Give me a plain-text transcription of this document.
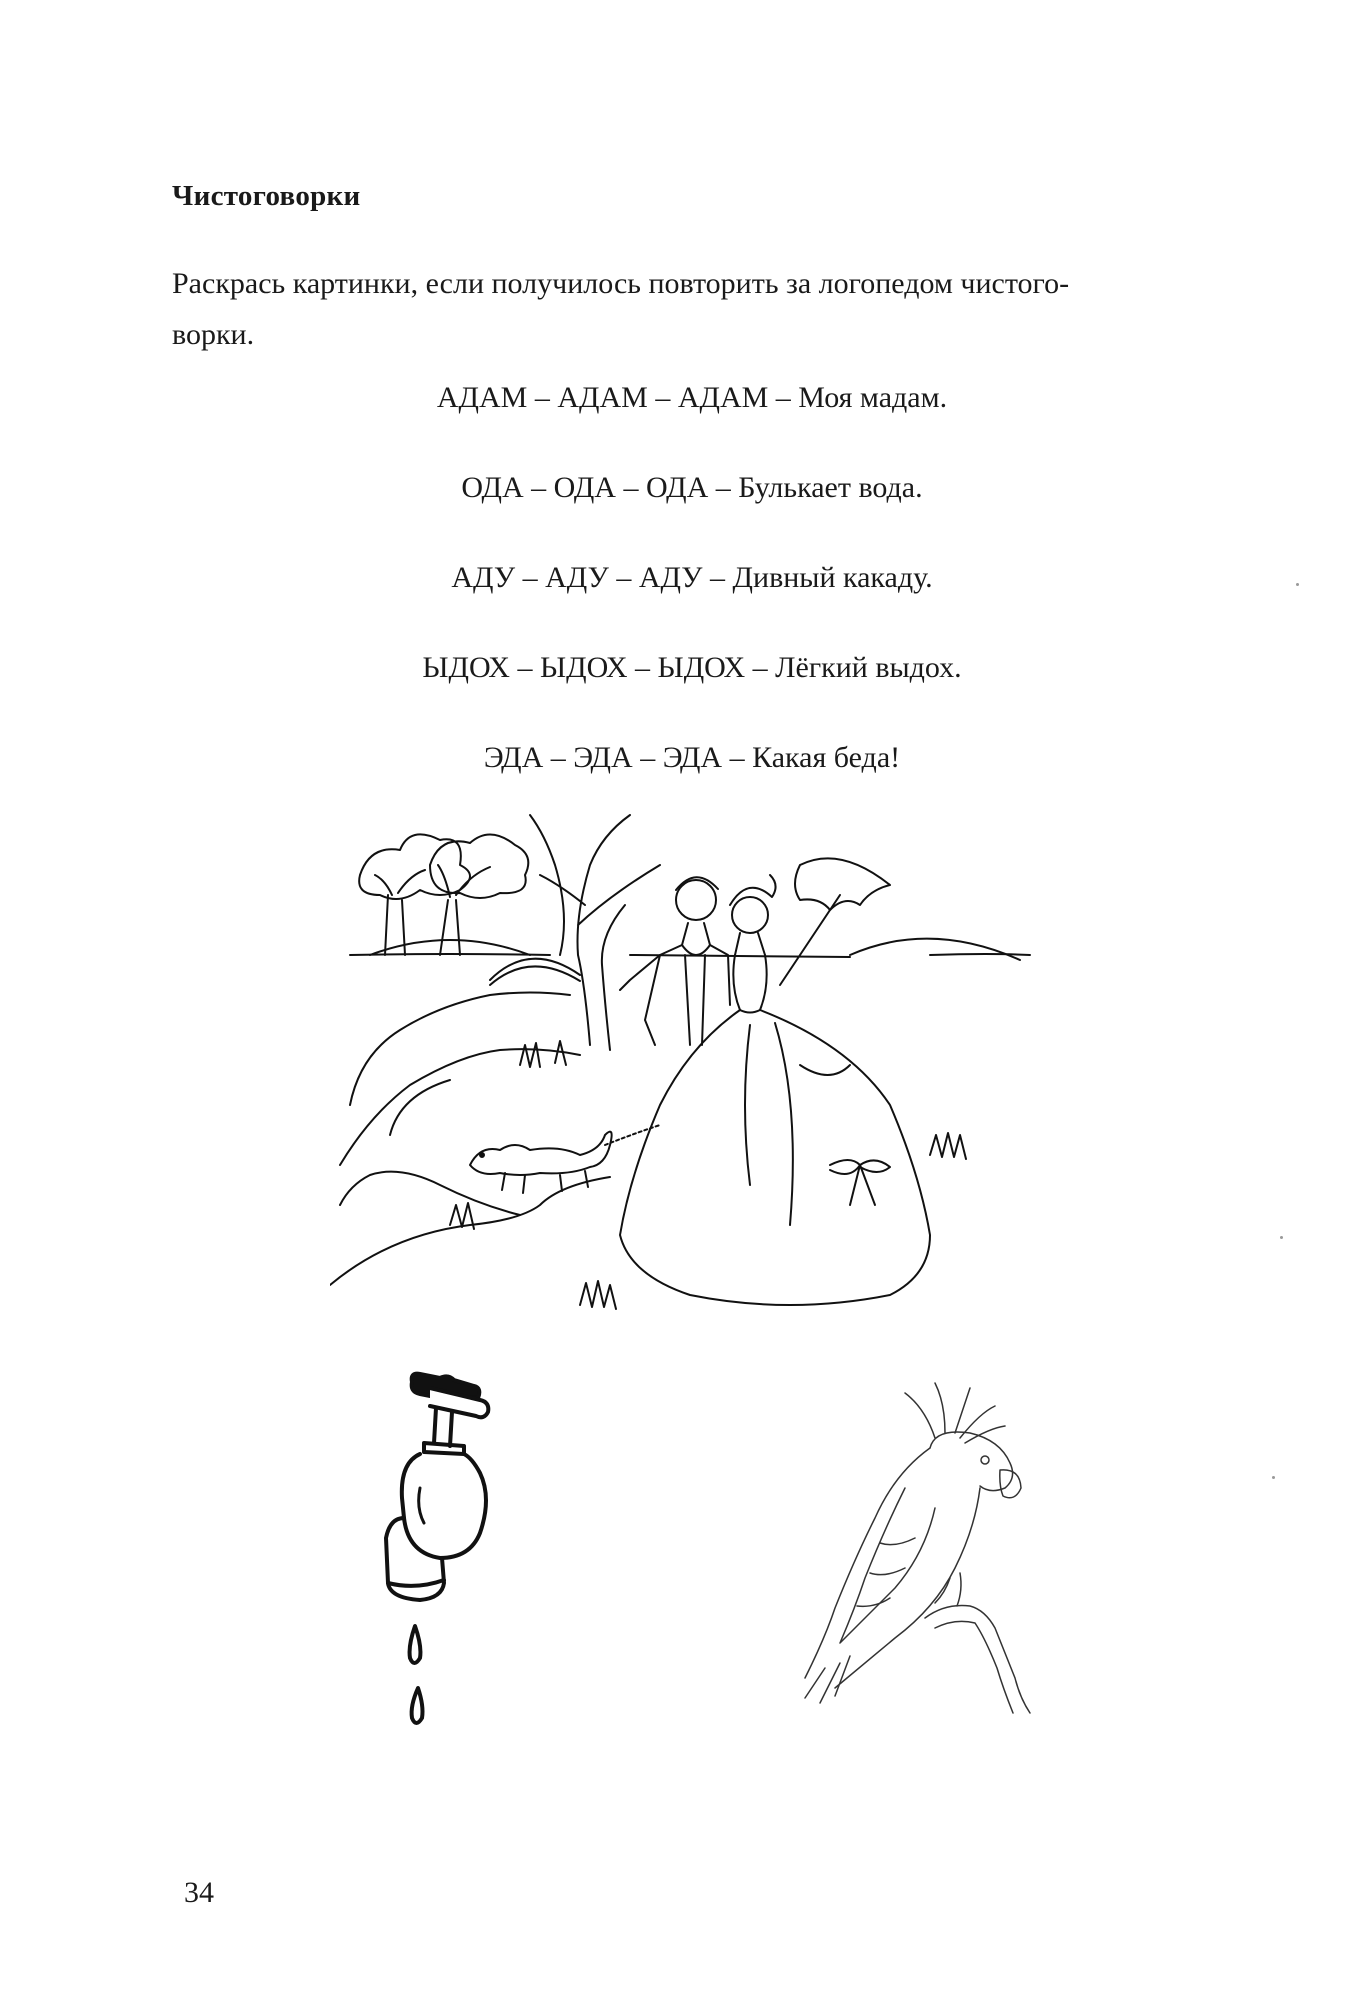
Чистоговорки
Раскрась картинки, если получилось повторить за логопедом чистого-
ворки.
АДАМ – АДАМ – АДАМ – Моя мадам.
ОДА – ОДА – ОДА – Булькает вода.
АДУ – АДУ – АДУ – Дивный какаду.
ЫДОХ – ЫДОХ – ЫДОХ – Лёгкий выдох.
ЭДА – ЭДА – ЭДА – Какая беда!
34
